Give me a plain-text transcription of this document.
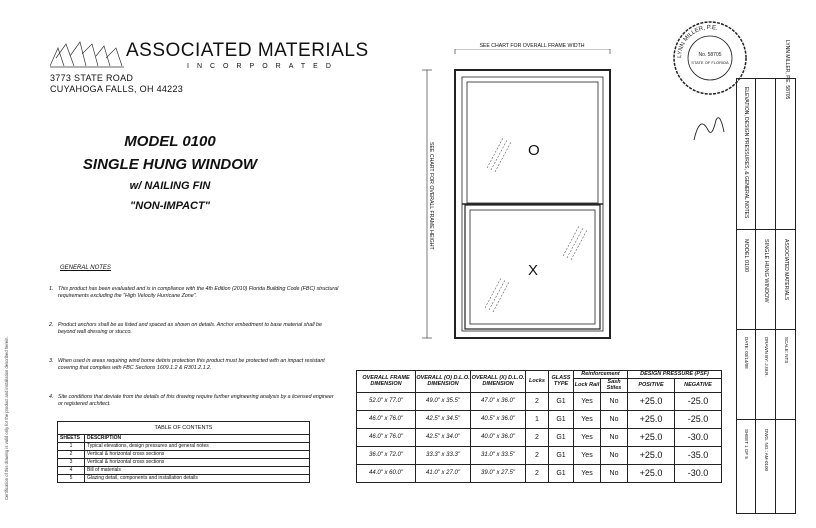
ASSOCIATED MATERIALS
INCORPORATED
3773 STATE ROAD
CUYAHOGA FALLS, OH 44223
MODEL 0100
SINGLE HUNG WINDOW
w/ NAILING FIN
"NON-IMPACT"
GENERAL NOTES
1. This product has been evaluated and is in compliance with the 4th Edition (2010) Florida Building Code (FBC) structural requirements excluding the "High Velocity Hurricane Zone".
2. Product anchors shall be as listed and spaced as shown on details. Anchor embedment to base material shall be beyond wall dressing or stucco.
3. When used in areas requiring wind borne debris protection this product must be protected with an impact resistant covering that complies with FBC Sections 1609.1.2 & R301.2.1.2.
4. Site conditions that deviate from the details of this drawing require further engineering analysis by a licensed engineer or registered architect.
TABLE OF CONTENTS	
SHEETS	DESCRIPTION
1	Typical elevations, design pressures and general notes
2	Vertical & horizontal cross sections
3	Vertical & horizontal cross sections
4	Bill of materials
5	Glazing detail, components and installation details
SEE CHART FOR OVERALL FRAME WIDTH
SEE CHART FOR OVERALL FRAME HEIGHT	O
X
OVERALL FRAME DIMENSION	OVERALL (O) D.L.O. DIMENSION	OVERALL (X) D.L.O. DIMENSION	Locks	GLASS TYPE	Reinforcement		DESIGN PRESSURE (PSF)	
					Lock Rail	Sash Stiles	POSITIVE	NEGATIVE
52.0" x 77.0"	49.0" x 35.5"	47.0" x 36.0"	2	G1	Yes	No	+25.0	-25.0
46.0" x 76.0"	42.5" x 34.5"	40.5" x 36.0"	1	G1	Yes	No	+25.0	-25.0
46.0" x 76.0"	42.5" x 34.0"	40.0" x 36.0"	2	G1	Yes	No	+25.0	-30.0
36.0" x 72.0"	33.3" x 33.3"	31.0" x 33.5"	2	G1	Yes	No	+25.0	-35.0
44.0" x 60.0"	41.0" x 27.0"	39.0" x 27.5"	2	G1	Yes	No	+25.0	-30.0
LYNN MILLER, P.E.
No. 58705
STATE OF FLORIDA	LYNN MILLER, P.E. 58705
MODEL 0100	SINGLE HUNG WINDOW	ASSOCIATED MATERIALS
ELEVATION, DESIGN PRESSURES, & GENERAL NOTES
DRAWN BY: J.W.R.
DATE: 03/14/08	SCALE: NTS
SHEET 1 OF 5	DWG. NO.: AM-0100
Certification of this drawing is valid only for the product and installation described herein.
